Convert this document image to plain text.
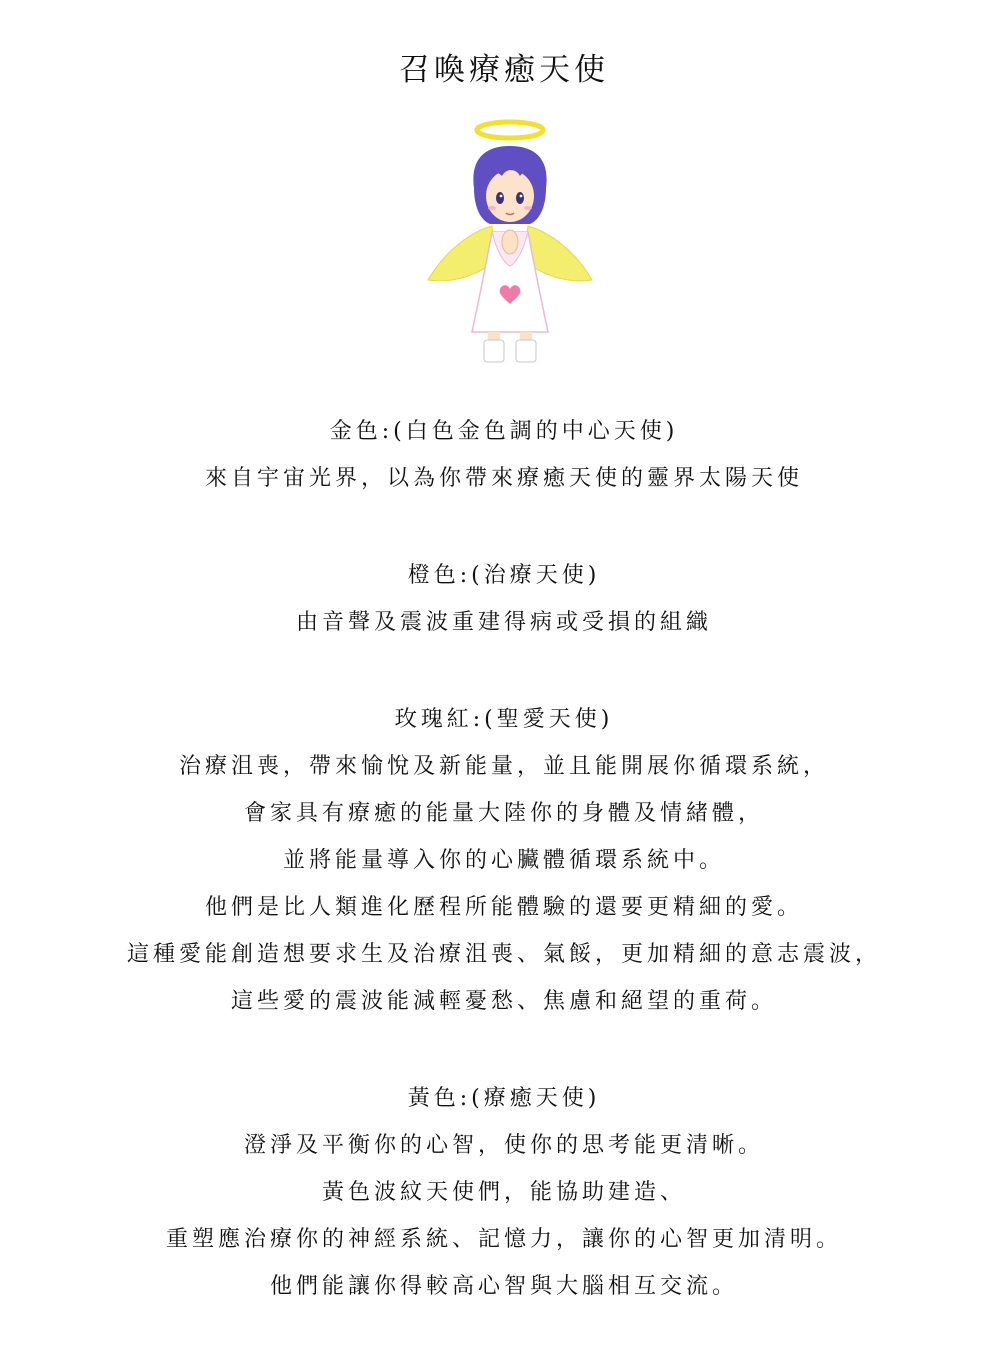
召喚療癒天使
金色:(白色金色調的中心天使)
來自宇宙光界，以為你帶來療癒天使的靈界太陽天使
橙色:(治療天使)
由音聲及震波重建得病或受損的組織
玫瑰紅:(聖愛天使)
治療沮喪，帶來愉悅及新能量，並且能開展你循環系統，
會家具有療癒的能量大陸你的身體及情緒體，
並將能量導入你的心臟體循環系統中。
他們是比人類進化歷程所能體驗的還要更精細的愛。
這種愛能創造想要求生及治療沮喪、氣餒，更加精細的意志震波，
這些愛的震波能減輕憂愁、焦慮和絕望的重荷。
黃色:(療癒天使)
澄淨及平衡你的心智，使你的思考能更清晰。
黃色波紋天使們，能協助建造、
重塑應治療你的神經系統、記憶力，讓你的心智更加清明。
他們能讓你得較高心智與大腦相互交流。
